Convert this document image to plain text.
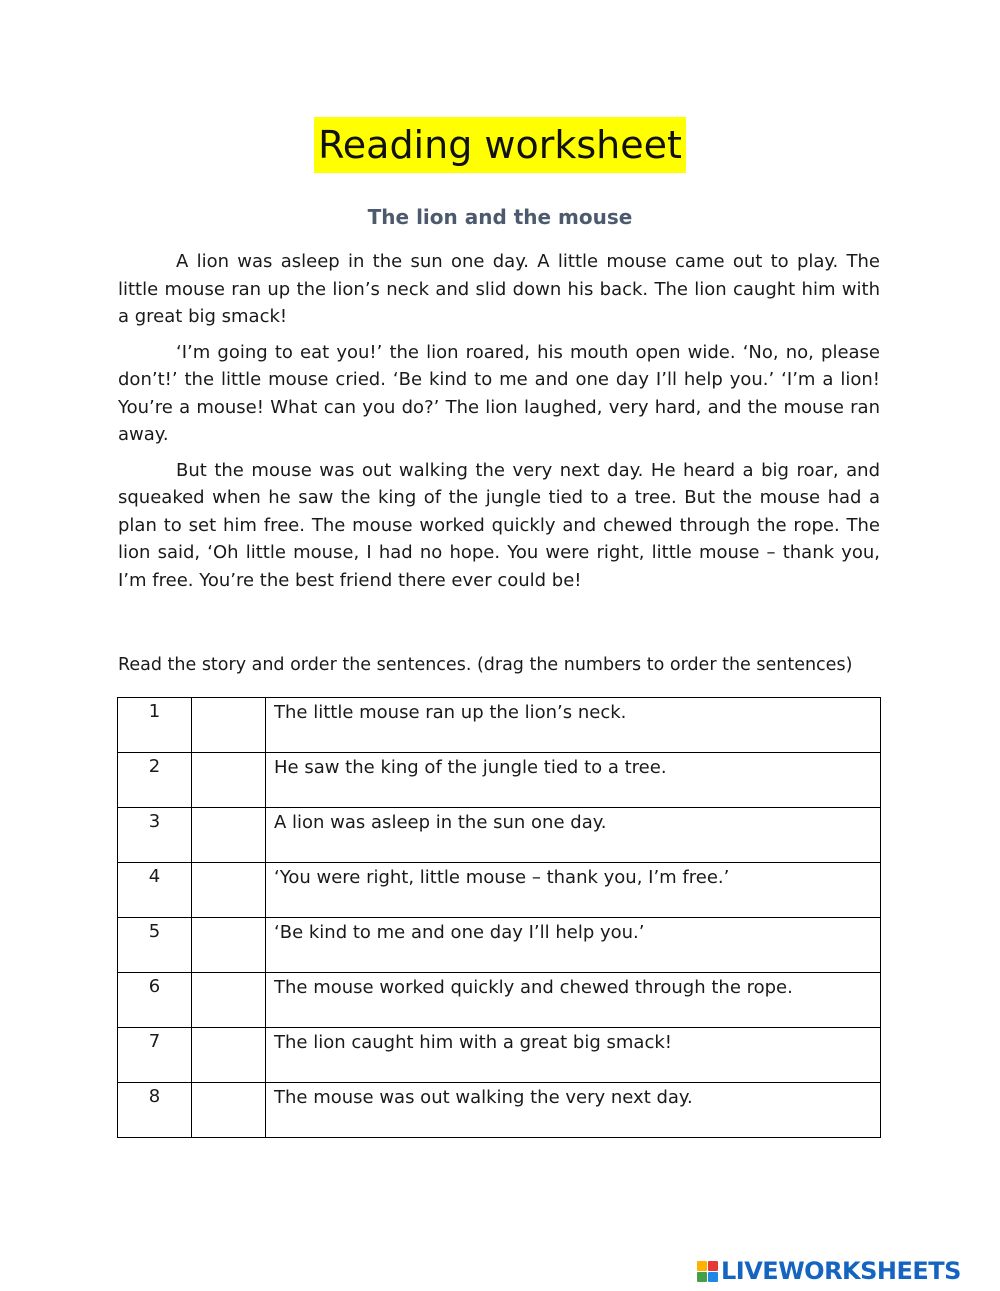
Reading worksheet
The lion and the mouse

A lion was asleep in the sun one day. A little mouse came out to play. The little mouse ran up the lion’s neck and slid down his back. The lion caught him with a great big smack!

‘I’m going to eat you!’ the lion roared, his mouth open wide. ‘No, no, please don’t!’ the little mouse cried. ‘Be kind to me and one day I’ll help you.’ ‘I’m a lion! You’re a mouse! What can you do?’ The lion laughed, very hard, and the mouse ran away.

But the mouse was out walking the very next day. He heard a big roar, and squeaked when he saw the king of the jungle tied to a tree. But the mouse had a plan to set him free. The mouse worked quickly and chewed through the rope. The lion said, ‘Oh little mouse, I had no hope. You were right, little mouse – thank you, I’m free. You’re the best friend there ever could be!

Read the story and order the sentences. (drag the numbers to order the sentences)
1		The little mouse ran up the lion’s neck.

2		He saw the king of the jungle tied to a tree.

3		A lion was asleep in the sun one day.

4		‘You were right, little mouse – thank you, I’m free.’

5		‘Be kind to me and one day I’ll help you.’

6		The mouse worked quickly and chewed through the rope.

7		The lion caught him with a great big smack!

8		The mouse was out walking the very next day.
LIVEWORKSHEETS
